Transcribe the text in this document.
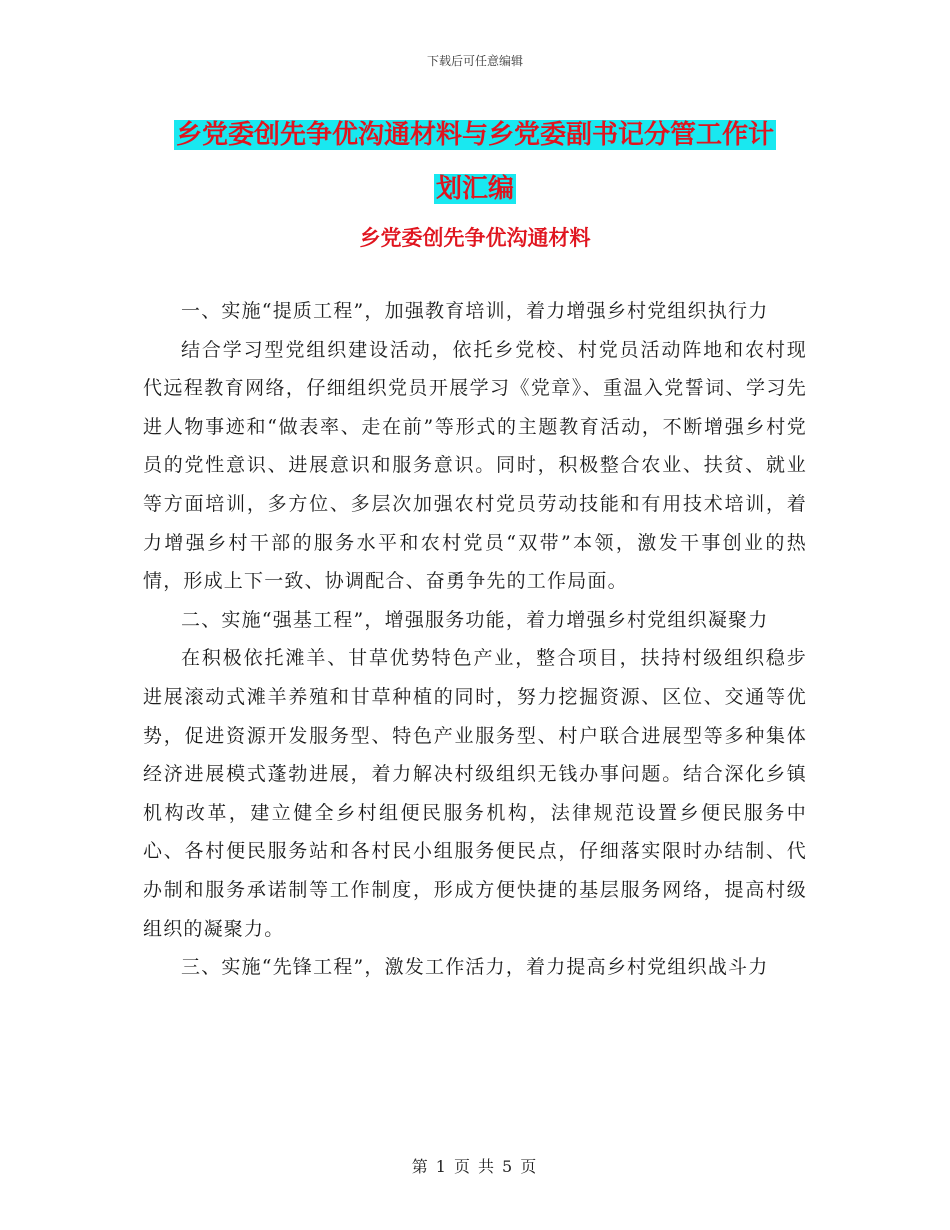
下载后可任意编辑
乡党委创先争优沟通材料与乡党委副书记分管工作计
划汇编
乡党委创先争优沟通材料

一、实施“提质工程”，加强教育培训，着力增强乡村党组织执行力

结合学习型党组织建设活动，依托乡党校、村党员活动阵地和农村现代远程教育网络，仔细组织党员开展学习《党章》、重温入党誓词、学习先进人物事迹和“做表率、走在前”等形式的主题教育活动，不断增强乡村党员的党性意识、进展意识和服务意识。同时，积极整合农业、扶贫、就业等方面培训，多方位、多层次加强农村党员劳动技能和有用技术培训，着力增强乡村干部的服务水平和农村党员“双带”本领，激发干事创业的热情，形成上下一致、协调配合、奋勇争先的工作局面。

二、实施“强基工程”，增强服务功能，着力增强乡村党组织凝聚力

在积极依托滩羊、甘草优势特色产业，整合项目，扶持村级组织稳步进展滚动式滩羊养殖和甘草种植的同时，努力挖掘资源、区位、交通等优势，促进资源开发服务型、特色产业服务型、村户联合进展型等多种集体经济进展模式蓬勃进展，着力解决村级组织无钱办事问题。结合深化乡镇机构改革，建立健全乡村组便民服务机构，法律规范设置乡便民服务中心、各村便民服务站和各村民小组服务便民点，仔细落实限时办结制、代办制和服务承诺制等工作制度，形成方便快捷的基层服务网络，提高村级组织的凝聚力。

三、实施“先锋工程”，激发工作活力，着力提高乡村党组织战斗力

第 1 页 共 5 页
